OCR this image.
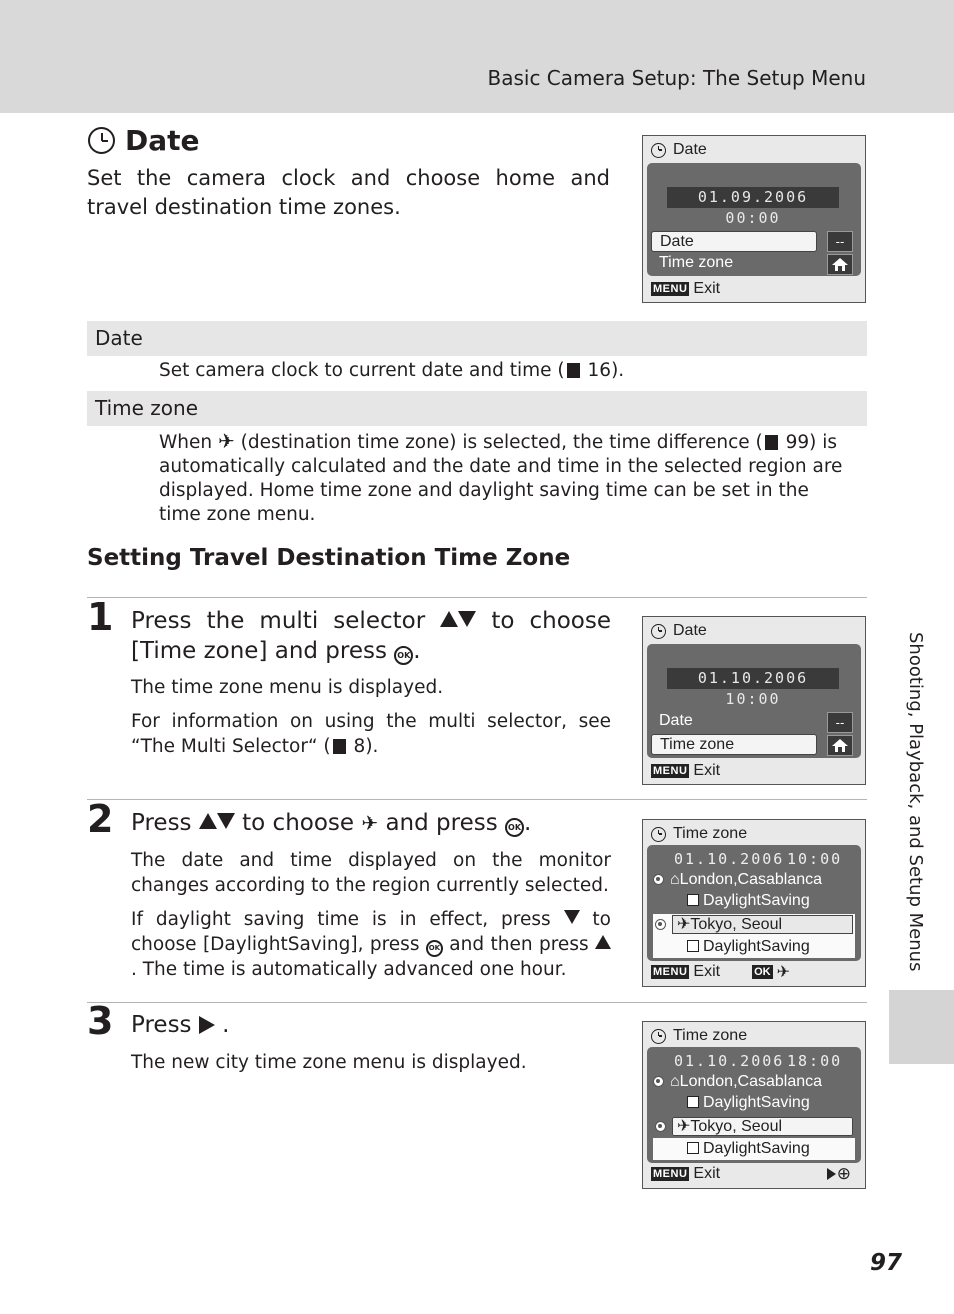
Basic Camera Setup: The Setup Menu
Shooting, Playback, and Setup Menus
Date
Set the camera clock and choose home and travel destination time zones.
Date
01.09.2006 00:00
Date	--
Time zone
MENU Exit
Date
Set camera clock to current date and time ( 16).
Time zone
When ✈ (destination time zone) is selected, the time difference ( 99) is automatically calculated and the date and time in the selected region are displayed. Home time zone and daylight saving time can be set in the time zone menu.
Setting Travel Destination Time Zone
1 Press the multi selector  to choose [Time zone] and press OK .
The time zone menu is displayed.
For information on using the multi selector, see “The Multi Selector“ ( 8).
Date
01.10.2006 10:00
Date	--
Time zone
MENU Exit
2 Press  to choose ✈ and press OK .
The date and time displayed on the monitor changes according to the region currently selected.
If daylight saving time is in effect, press  to choose [DaylightSaving], press OK and then press . The time is automatically advanced one hour.
Time zone
01.10.2006 10:00
⌂London,Casablanca
DaylightSaving
✈Tokyo, Seoul
DaylightSaving
MENU Exit	OK ✈
3 Press  .
The new city time zone menu is displayed.
Time zone
01.10.2006 18:00
⌂London,Casablanca
DaylightSaving
✈Tokyo, Seoul
DaylightSaving
MENU Exit	⊕
97
